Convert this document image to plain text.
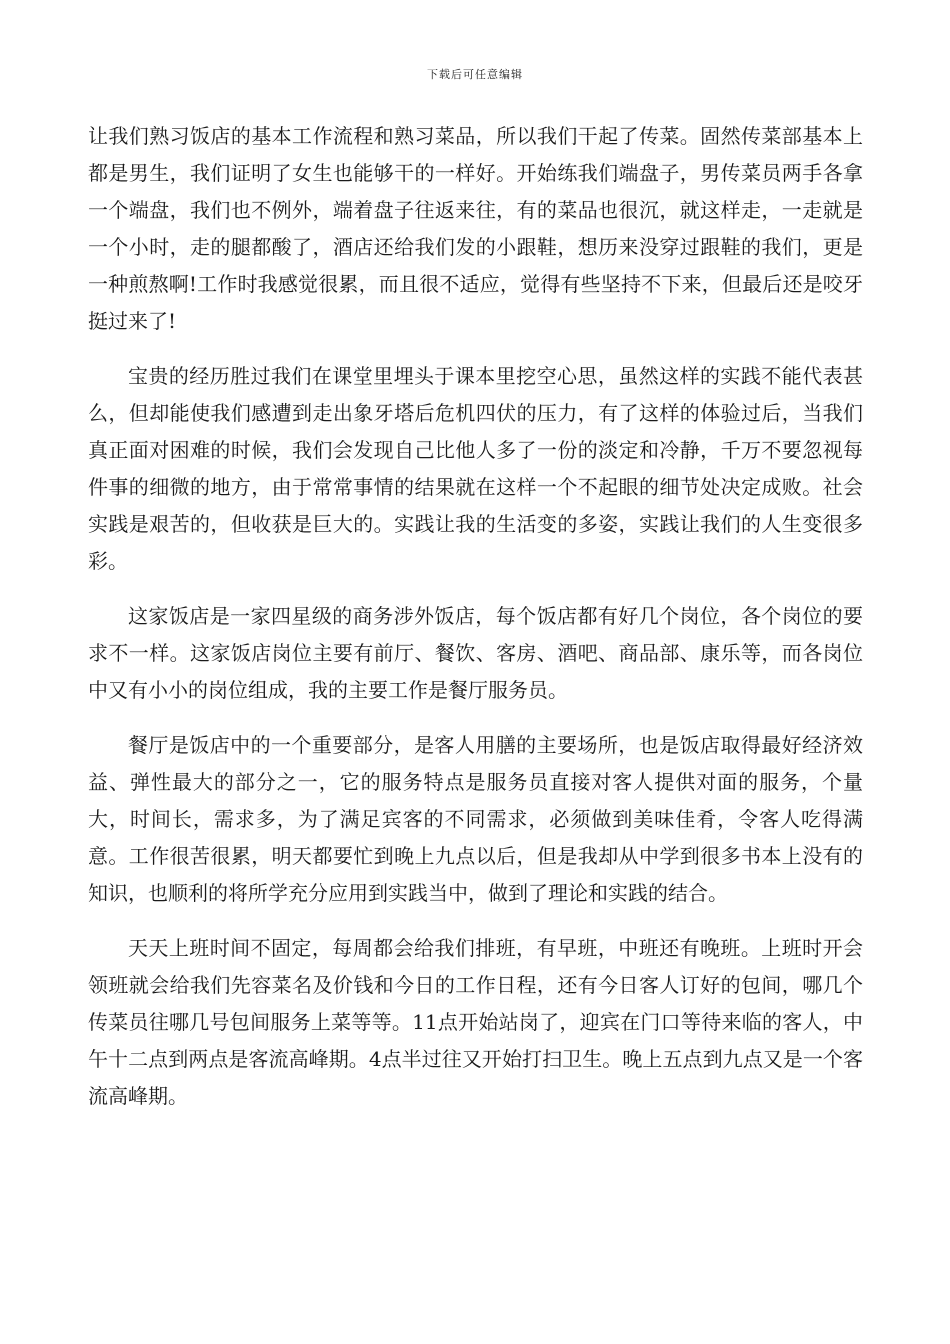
下载后可任意编辑

让我们熟习饭店的基本工作流程和熟习菜品，所以我们干起了传菜。固然传菜部基本上都是男生，我们证明了女生也能够干的一样好。开始练我们端盘子，男传菜员两手各拿一个端盘，我们也不例外，端着盘子往返来往，有的菜品也很沉，就这样走，一走就是一个小时，走的腿都酸了，酒店还给我们发的小跟鞋，想历来没穿过跟鞋的我们，更是一种煎熬啊!工作时我感觉很累，而且很不适应，觉得有些坚持不下来，但最后还是咬牙挺过来了!

宝贵的经历胜过我们在课堂里埋头于课本里挖空心思，虽然这样的实践不能代表甚么，但却能使我们感遭到走出象牙塔后危机四伏的压力，有了这样的体验过后，当我们真正面对困难的时候，我们会发现自己比他人多了一份的淡定和冷静，千万不要忽视每件事的细微的地方，由于常常事情的结果就在这样一个不起眼的细节处决定成败。社会实践是艰苦的，但收获是巨大的。实践让我的生活变的多姿，实践让我们的人生变很多彩。

这家饭店是一家四星级的商务涉外饭店，每个饭店都有好几个岗位，各个岗位的要求不一样。这家饭店岗位主要有前厅、餐饮、客房、酒吧、商品部、康乐等，而各岗位中又有小小的岗位组成，我的主要工作是餐厅服务员。

餐厅是饭店中的一个重要部分，是客人用膳的主要场所，也是饭店取得最好经济效益、弹性最大的部分之一，它的服务特点是服务员直接对客人提供对面的服务，个量大，时间长，需求多，为了满足宾客的不同需求，必须做到美味佳肴，令客人吃得满意。工作很苦很累，明天都要忙到晚上九点以后，但是我却从中学到很多书本上没有的知识，也顺利的将所学充分应用到实践当中，做到了理论和实践的结合。

天天上班时间不固定，每周都会给我们排班，有早班，中班还有晚班。上班时开会领班就会给我们先容菜名及价钱和今日的工作日程，还有今日客人订好的包间，哪几个传菜员往哪几号包间服务上菜等等。11点开始站岗了，迎宾在门口等待来临的客人，中午十二点到两点是客流高峰期。4点半过往又开始打扫卫生。晚上五点到九点又是一个客流高峰期。
